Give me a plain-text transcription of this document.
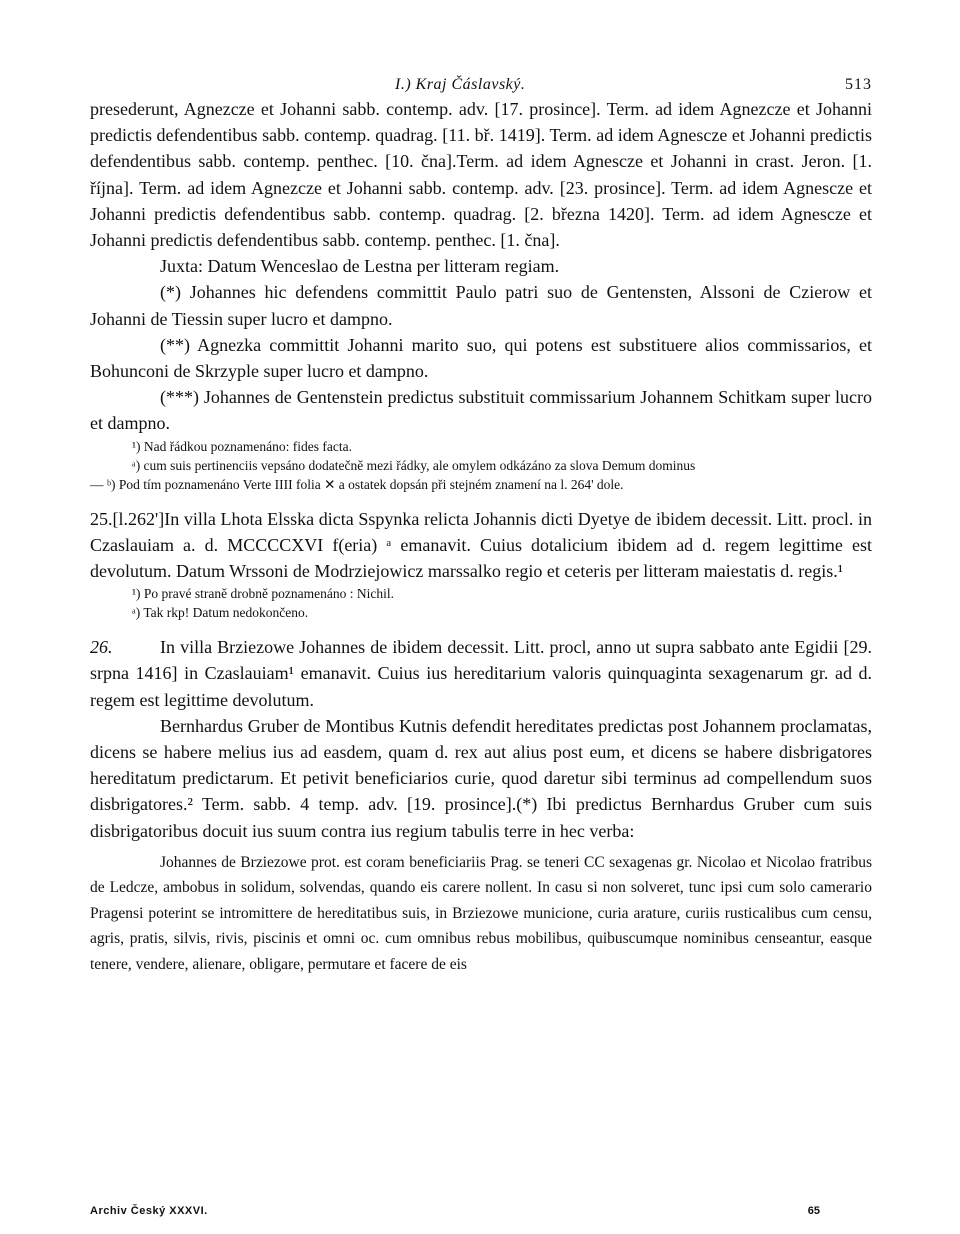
I.) Kraj Čáslavský.	513

presederunt, Agnezcze et Johanni sabb. contemp. adv. [17. prosince]. Term. ad idem Agnezcze et Johanni predictis defendentibus sabb. contemp. quadrag. [11. bř. 1419]. Term. ad idem Agnescze et Johanni predictis defendentibus sabb. contemp. penthec. [10. čna].Term. ad idem Agnescze et Johanni in crast. Jeron. [1. října]. Term. ad idem Agnezcze et Johanni sabb. contemp. adv. [23. prosince]. Term. ad idem Agnescze et Johanni predictis defendentibus sabb. contemp. quadrag. [2. března 1420]. Term. ad idem Agnescze et Johanni predictis defendentibus sabb. contemp. penthec. [1. čna].

Juxta: Datum Wenceslao de Lestna per litteram regiam.

(*) Johannes hic defendens committit Paulo patri suo de Gentensten, Alssoni de Czierow et Johanni de Tiessin super lucro et dampno.

(**) Agnezka committit Johanni marito suo, qui potens est substituere alios commissarios, et Bohunconi de Skrzyple super lucro et dampno.

(***) Johannes de Gentenstein predictus substituit commissarium Johannem Schitkam super lucro et dampno.

¹) Nad řádkou poznamenáno: fides facta.

ᵃ) cum suis pertinenciis vepsáno dodatečně mezi řádky, ale omylem odkázáno za slova Demum dominus

— ᵇ) Pod tím poznamenáno Verte IIII folia ✕ a ostatek dopsán při stejném znamení na l. 264' dole.

25.[l.262']In villa Lhota Elsska dicta Sspynka relicta Johannis dicti Dyetye de ibidem decessit. Litt. procl. in Czaslauiam a. d. MCCCCXVI f(eria) ᵃ emanavit. Cuius dotalicium ibidem ad d. regem legittime est devolutum. Datum Wrssoni de Modrziejowicz marssalko regio et ceteris per litteram maiestatis d. regis.¹

¹) Po pravé straně drobně poznamenáno : Nichil.

ᵃ) Tak rkp! Datum nedokončeno.

26.	In villa Brziezowe Johannes de ibidem decessit. Litt. procl, anno ut supra sabbato ante Egidii [29. srpna 1416] in Czaslauiam¹ emanavit. Cuius ius hereditarium valoris quinquaginta sexagenarum gr. ad d. regem est legittime devolutum.

Bernhardus Gruber de Montibus Kutnis defendit hereditates predictas post Johannem proclamatas, dicens se habere melius ius ad easdem, quam d. rex aut alius post eum, et dicens se habere disbrigatores hereditatum predictarum. Et petivit beneficiarios curie, quod daretur sibi terminus ad compellendum suos disbrigatores.² Term. sabb. 4 temp. adv. [19. prosince].(*) Ibi predictus Bernhardus Gruber cum suis disbrigatoribus docuit ius suum contra ius regium tabulis terre in hec verba:

Johannes de Brziezowe prot. est coram beneficiariis Prag. se teneri CC sexagenas gr. Nicolao et Nicolao fratribus de Ledcze, ambobus in solidum, solvendas, quando eis carere nollent. In casu si non solveret, tunc ipsi cum solo camerario Pragensi poterint se intromittere de hereditatibus suis, in Brziezowe municione, curia arature, curiis rusticalibus cum censu, agris, pratis, silvis, rivis, piscinis et omni oc. cum omnibus rebus mobilibus, quibuscumque nominibus censeantur, easque tenere, vendere, alienare, obligare, permutare et facere de eis

Archiv Český XXXVI.	65
